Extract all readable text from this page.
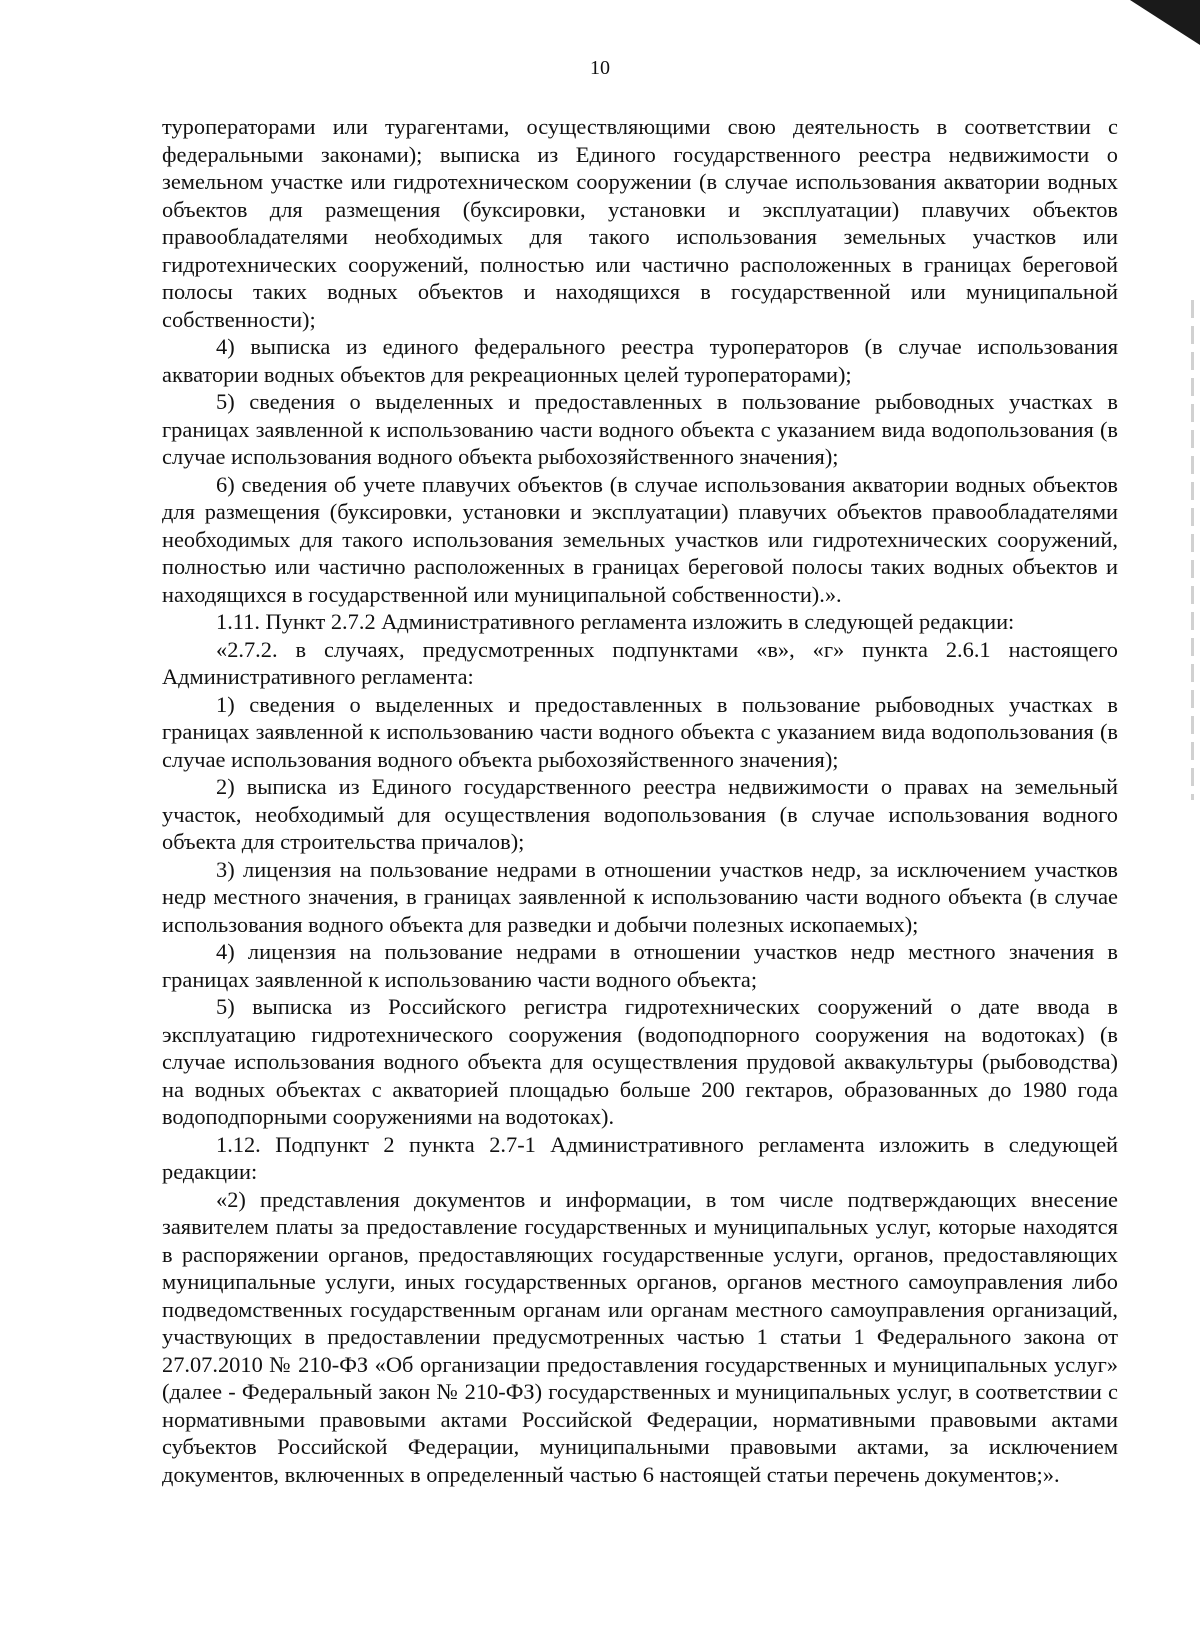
10

туроператорами или турагентами, осуществляющими свою деятельность в соответствии с федеральными законами); выписка из Единого государственного реестра недвижимости о земельном участке или гидротехническом сооружении (в случае использования акватории водных объектов для размещения (буксировки, установки и эксплуатации) плавучих объектов правообладателями необходимых для такого использования земельных участков или гидротехнических сооружений, полностью или частично расположенных в границах береговой полосы таких водных объектов и находящихся в государственной или муниципальной собственности);

4) выписка из единого федерального реестра туроператоров (в случае использования акватории водных объектов для рекреационных целей туроператорами);

5) сведения о выделенных и предоставленных в пользование рыбоводных участках в границах заявленной к использованию части водного объекта с указанием вида водопользования (в случае использования водного объекта рыбохозяйственного значения);

6) сведения об учете плавучих объектов (в случае использования акватории водных объектов для размещения (буксировки, установки и эксплуатации) плавучих объектов правообладателями необходимых для такого использования земельных участков или гидротехнических сооружений, полностью или частично расположенных в границах береговой полосы таких водных объектов и находящихся в государственной или муниципальной собственности).».

1.11. Пункт 2.7.2 Административного регламента изложить в следующей редакции:

«2.7.2. в случаях, предусмотренных подпунктами «в», «г» пункта 2.6.1 настоящего Административного регламента:

1) сведения о выделенных и предоставленных в пользование рыбоводных участках в границах заявленной к использованию части водного объекта с указанием вида водопользования (в случае использования водного объекта рыбохозяйственного значения);

2) выписка из Единого государственного реестра недвижимости о правах на земельный участок, необходимый для осуществления водопользования (в случае использования водного объекта для строительства причалов);

3) лицензия на пользование недрами в отношении участков недр, за исключением участков недр местного значения, в границах заявленной к использованию части водного объекта (в случае использования водного объекта для разведки и добычи полезных ископаемых);

4) лицензия на пользование недрами в отношении участков недр местного значения в границах заявленной к использованию части водного объекта;

5) выписка из Российского регистра гидротехнических сооружений о дате ввода в эксплуатацию гидротехнического сооружения (водоподпорного сооружения на водотоках) (в случае использования водного объекта для осуществления прудовой аквакультуры (рыбоводства) на водных объектах с акваторией площадью больше 200 гектаров, образованных до 1980 года водоподпорными сооружениями на водотоках).

1.12. Подпункт 2 пункта 2.7-1 Административного регламента изложить в следующей редакции:

«2) представления документов и информации, в том числе подтверждающих внесение заявителем платы за предоставление государственных и муниципальных услуг, которые находятся в распоряжении органов, предоставляющих государственные услуги, органов, предоставляющих муниципальные услуги, иных государственных органов, органов местного самоуправления либо подведомственных государственным органам или органам местного самоуправления организаций, участвующих в предоставлении предусмотренных частью 1 статьи 1 Федерального закона от 27.07.2010 № 210-ФЗ «Об организации предоставления государственных и муниципальных услуг» (далее - Федеральный закон № 210-ФЗ) государственных и муниципальных услуг, в соответствии с нормативными правовыми актами Российской Федерации, нормативными правовыми актами субъектов Российской Федерации, муниципальными правовыми актами, за исключением документов, включенных в определенный частью 6 настоящей статьи перечень документов;».
